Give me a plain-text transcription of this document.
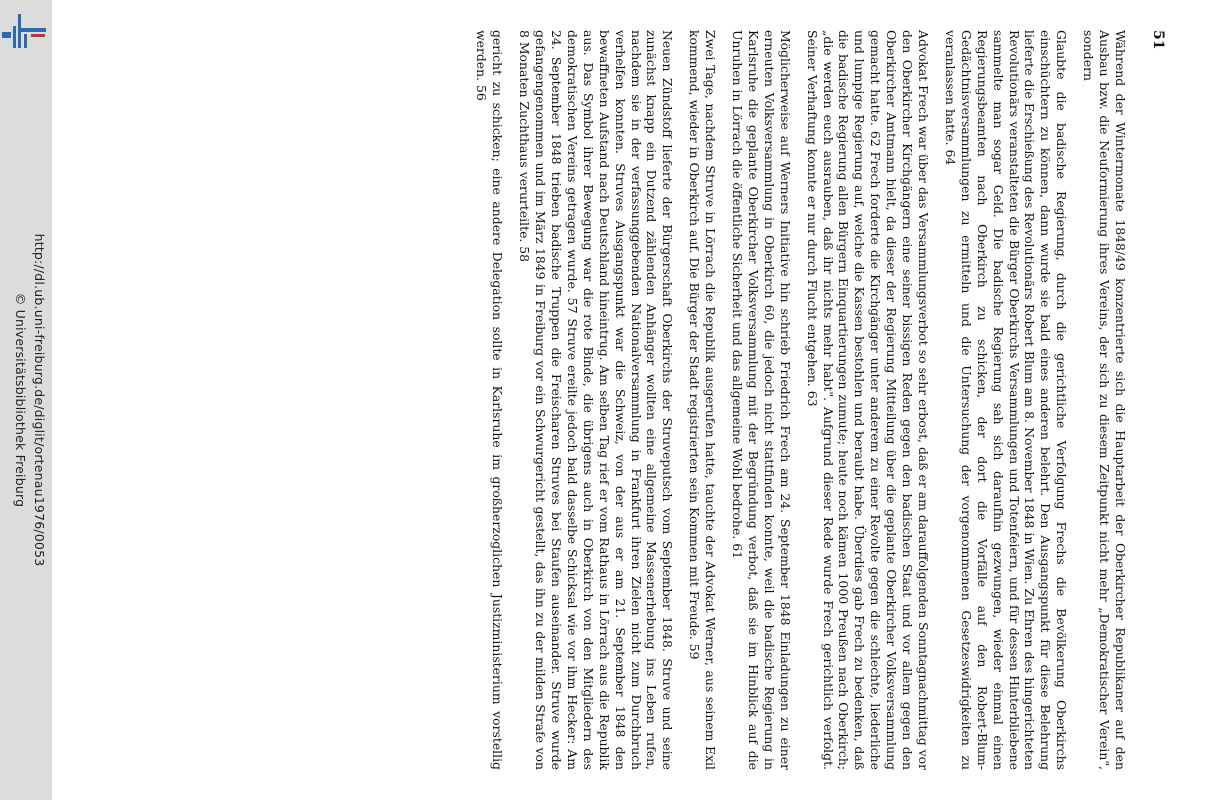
http://dl.ub.uni-freiburg.de/diglit/ortenau1976/0053
© Universitätsbibliothek Freiburg
51

Während der Wintermonate 1848/49 konzentrierte sich die Hauptarbeit der Oberkircher Republikaner auf den Ausbau bzw. die Neuformierung ihres Vereins, der sich zu diesem Zeitpunkt nicht mehr „Demokratischer Verein", sondern

Glaubte die badische Regierung, durch die gerichtliche Verfolgung Frechs die Bevölkerung Oberkirchs einschüchtern zu können, dann wurde sie bald eines anderen belehrt. Den Ausgangspunkt für diese Belehrung lieferte die Erschießung des Revolutionärs Robert Blum am 8. November 1848 in Wien. Zu Ehren des hingerichteten Revolutionärs veranstalteten die Bürger Oberkirchs Versammlungen und Totenfeiern, und für dessen Hinterbliebene sammelte man sogar Geld. Die badische Regierung sah sich daraufhin gezwungen, wieder einmal einen Regierungsbeamten nach Oberkirch zu schicken, der dort die Vorfälle auf den Robert-Blum-Gedächtnisversammlungen zu ermitteln und die Untersuchung der vorgenommenen Gesetzeswidrigkeiten zu veranlassen hatte. 64

Advokat Frech war über das Versammlungsverbot so sehr erbost, daß er am darauffolgenden Sonntagnachmittag vor den Oberkircher Kirchgängern eine seiner bissigen Reden gegen den badischen Staat und vor allem gegen den Oberkircher Amtmann hielt, da dieser der Regierung Mitteilung über die geplante Oberkircher Volksversammlung gemacht hatte. 62 Frech forderte die Kirchgänger unter anderem zu einer Revolte gegen die schlechte, liederliche und lumpige Regierung auf, welche die Kassen bestohlen und beraubt habe. Überdies gab Frech zu bedenken, daß die badische Regierung allen Bürgern Einquartierungen zumute; heute noch kämen 1000 Preußen nach Oberkirch; „die werden euch ausrauben, daß ihr nichts mehr habt". Aufgrund dieser Rede wurde Frech gerichtlich verfolgt. Seiner Verhaftung konnte er nur durch Flucht entgehen. 63

Möglicherweise auf Werners Initiative hin schrieb Friedrich Frech am 24. September 1848 Einladungen zu einer erneuten Volksversammlung in Oberkirch 60, die jedoch nicht stattfinden konnte, weil die badische Regierung in Karlsruhe die geplante Oberkircher Volksversammlung mit der Begründung verbot, daß sie im Hinblick auf die Unruhen in Lörrach die öffentliche Sicherheit und das allgemeine Wohl bedrohe. 61

Zwei Tage, nachdem Struve in Lörrach die Republik ausgerufen hatte, tauchte der Advokat Werner, aus seinem Exil kommend, wieder in Oberkirch auf. Die Bürger der Stadt registrierten sein Kommen mit Freude. 59

Neuen Zündstoff lieferte der Bürgerschaft Oberkirchs der Struveputsch vom September 1848. Struve und seine zunächst knapp ein Dutzend zählenden Anhänger wollten eine allgemeine Massenerhebung ins Leben rufen, nachdem sie in der verfassunggebenden Nationalversammlung in Frankfurt ihren Zielen nicht zum Durchbruch verhelfen konnten. Struves Ausgangspunkt war die Schweiz, von der aus er am 21. September 1848 den bewaffneten Aufstand nach Deutschland hineintrug. Am selben Tag rief er vom Rathaus in Lörrach aus die Republik aus. Das Symbol ihrer Bewegung war die rote Binde, die übrigens auch in Oberkirch von den Mitgliedern des demokratischen Vereins getragen wurde. 57 Struve ereilte jedoch bald dasselbe Schicksal wie vor ihm Hecker: Am 24. September 1848 trieben badische Truppen die Freischaren Struves bei Staufen auseinander. Struve wurde gefangengenommen und im März 1849 in Freiburg vor ein Schwurgericht gestellt, das ihn zu der milden Strafe von 8 Monaten Zuchthaus verurteilte. 58

gericht zu schicken; eine andere Delegation sollte in Karlsruhe im großherzoglichen Justizministerium vorstellig werden. 56
